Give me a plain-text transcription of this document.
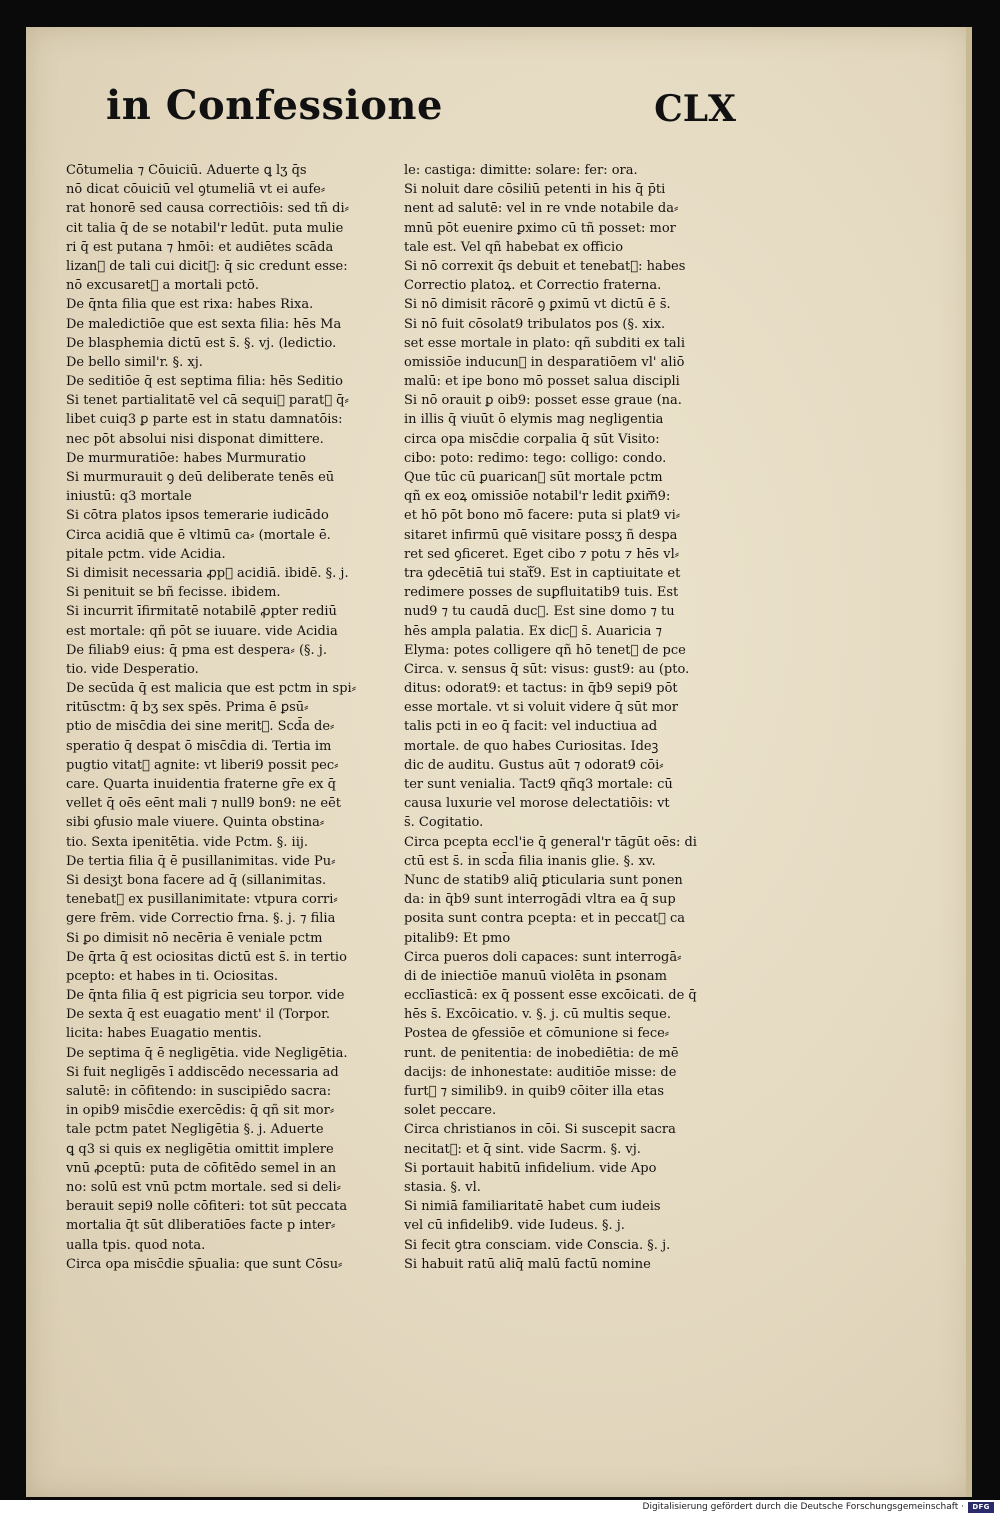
in Confessione	CLX
Cōtumelia ⁊ Cōuiciū. Aduerte ꝗ lʒ q̄s
nō dicat cōuiciū vel ꝯtumeliā vt ei aufe⸗
rat honorē sed causa correctiōis: sed tñ di⸗
cit talia q̄ de se notabil'r ledūt. puta mulie
ri q̄ est putana ⁊ hmōi: et audiētes scāda
lizanᷓ de tali cui dicitᷓ: q̄ sic credunt esse:
nō excusaretᷓ a mortali pctō.
De q̄nta filia que est rixa: habes Rixa.
De maledictiōe que est sexta filia: hēs Ma
De blasphemia dictū est s̄. §. vj. (ledictio.
De bello simil'r. §. xj.
De seditiōe q̄ est septima filia: hēs Seditio
Si tenet partialitatē vel cā sequiᷓ paratᷓ q̄⸗
libet cuiq3 ꝑ parte est in statu damnatōis:
nec pōt absolui nisi disponat dimittere.
De murmuratiōe: habes Murmuratio
Si murmurauit ꝯ deū deliberate tenēs eū
iniustū: q3 mortale
Si cōtra platos ipsos temerarie iudicādo
Circa acidiā que ē vltimū ca⸗ (mortale ē.
pitale pctm. vide Acidia.
Si dimisit necessaria ꝓpᷓ acidiā. ibidē. §. j.
Si penituit se bñ fecisse. ibidem.
Si incurrit īfirmitatē notabilē ꝓpter rediū
est mortale: qñ pōt se iuuare. vide Acidia
De filiab9 eius: q̄ pma est despera⸗ (§. j.
tio. vide Desperatio.
De secūda q̄ est malicia que est pctm in spi⸗
ritūsctm: q̄ bʒ sex spēs. Prima ē ꝑsū⸗
ptio de misc̄dia dei sine meritᷓ. Scd̄a de⸗
speratio q̄ despat ō misc̄dia di. Tertia im
pugtio vitatᷓ agnite: vt liberi9 possit pec⸗
care. Quarta inuidentia fraterne gr̄e ex q̄
vellet q̄ oēs eēnt mali ⁊ null9 bon9: ne eēt
sibi ꝯfusio male viuere. Quinta obstina⸗
tio. Sexta ipenitētia. vide Pctm. §. iij.
De tertia filia q̄ ē pusillanimitas. vide Pu⸗
Si desiʒt bona facere ad q̄ (sillanimitas.
tenebatᷓ ex pusillanimitate: vtpura corri⸗
gere frēm. vide Correctio frna. §. j. ⁊ filia
Si ꝑo dimisit nō necēria ē veniale pctm
De q̄rta q̄ est ociositas dictū est s̄. in tertio
pcepto: et habes in ti. Ociositas.
De q̄nta filia q̄ est pigricia seu torpor. vide
De sexta q̄ est euagatio ment' il (Torpor.
licita: habes Euagatio mentis.
De septima q̄ ē negligētia. vide Negligētia.
Si fuit negligēs ī addiscēdo necessaria ad
salutē: in cōfitendo: in suscipiēdo sacra:
in opib9 misc̄die exercēdis: q̄ qñ sit mor⸗
tale pctm patet Negligētia §. j. Aduerte
ꝗ q3 si quis ex negligētia omittit implere
vnū ꝓceptū: puta de cōfitēdo semel in an
no: solū est vnū pctm mortale. sed si deli⸗
berauit sepi9 nolle cōfiteri: tot sūt peccata
mortalia q̄t sūt dliberatiōes facte p inter⸗
ualla tpis. quod nota.
Circa opa misc̄die sp̄ualia: que sunt Cōsu⸗
le: castiga: dimitte: solare: fer: ora.
Si noluit dare cōsiliū petenti in his q̄ p̄ti
nent ad salutē: vel in re vnde notabile da⸗
mnū pōt euenire ꝑximo cū tñ posset: mor
tale est. Vel qñ habebat ex officio
Si nō correxit q̄s debuit et tenebatᷓ: habes
Correctio platoꝝ. et Correctio fraterna.
Si nō dimisit rācorē ꝯ ꝑximū vt dictū ē s̄.
Si nō fuit cōsolat9 tribulatos pos (§. xix.
set esse mortale in plato: qñ subditi ex tali
omissiōe inducunᷓ in desparatiōem vl' aliō
malū: et ipe bono mō posset salua discipli
Si nō orauit ꝑ oib9: posset esse graue (na.
in illis q̄ viuūt ō elymis mag negligentia
circa opa misc̄die corpalia q̄ sūt Visito:
cibo: poto: redimo: tego: colligo: condo.
Que tūc cū ꝑuaricanᷓ sūt mortale pctm
qñ ex eoꝝ omissiōe notabil'r ledit ꝑximᷓ9:
et hō pōt bono mō facere: puta si plat9 vi⸗
sitaret infirmū quē visitare possʒ ñ despa
ret sed ꝯficeret. Eget cibo ⁊ potu ⁊ hēs vl⸗
tra ꝯdecētiā tui statᷓ9. Est in captiuitate et
redimere posses de suꝑfluitatib9 tuis. Est
nud9 ⁊ tu caudā ducᷓ. Est sine domo ⁊ tu
hēs ampla palatia. Ex dicᷓ s̄. Auaricia ⁊
Elyma: potes colligere qñ hō tenetᷓ de pce
Circa. v. sensus q̄ sūt: visus: gust9: au (pto.
ditus: odorat9: et tactus: in q̄b9 sepi9 pōt
esse mortale. vt si voluit videre q̄ sūt mor
talis pcti in eo q̄ facit: vel inductiua ad
mortale. de quo habes Curiositas. Ideꝫ
dic de auditu. Gustus aūt ⁊ odorat9 cōi⸗
ter sunt venialia. Tact9 qñq3 mortale: cū
causa luxurie vel morose delectatiōis: vt
s̄. Cogitatio.
Circa pcepta eccl'ie q̄ general'r tāgūt oēs: di
ctū est s̄. in scd̄a filia inanis glie. §. xv.
Nunc de statib9 aliq̄ ꝑticularia sunt ponen
da: in q̄b9 sunt interrogādi vltra ea q̄ sup
posita sunt contra pcepta: et in peccatᷓ ca
pitalib9: Et pmo
Circa pueros doli capaces: sunt interrogā⸗
di de iniectiōe manuū violēta in ꝑsonam
ecclīasticā: ex q̄ possent esse excōicati. de q̄
hēs s̄. Excōicatio. v. §. j. cū multis seque.
Postea de ꝯfessiōe et cōmunione si fece⸗
runt. de penitentia: de inobediētia: de mē
dacijs: de inhonestate: auditiōe misse: de
furtᷓ ⁊ similib9. in quib9 cōiter illa etas
solet peccare.
Circa christianos in cōi. Si suscepit sacra
necitatᷓ: et q̄ sint. vide Sacrm. §. vj.
Si portauit habitū infidelium. vide Apo
stasia. §. vl.
Si nimiā familiaritatē habet cum iudeis
vel cū infidelib9. vide Iudeus. §. j.
Si fecit ꝯtra consciam. vide Conscia. §. j.
Si habuit ratū aliq̄ malū factū nomine
Digitalisierung gefördert durch die Deutsche Forschungsgemeinschaft ·	DFG
